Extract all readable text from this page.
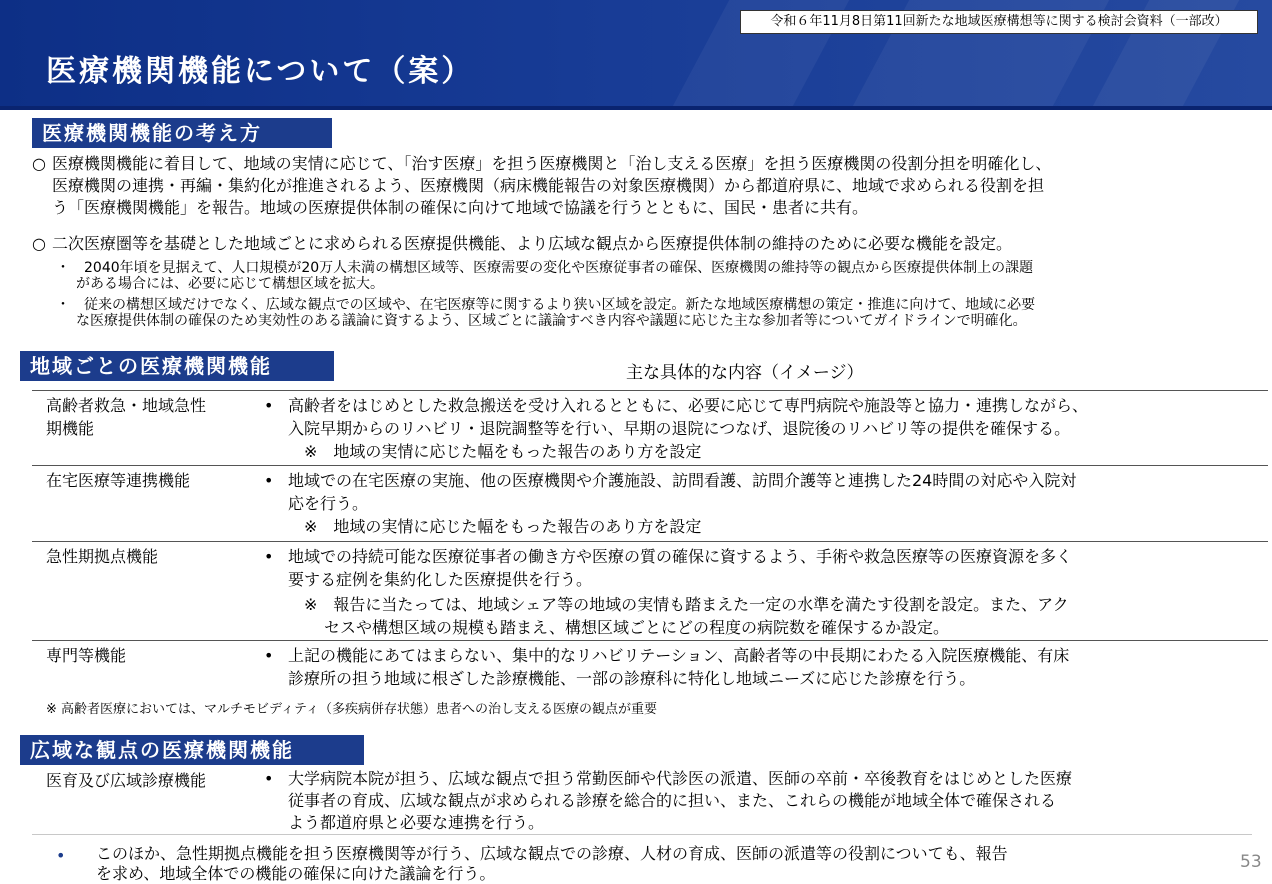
令和６年11月8日第11回新たな地域医療構想等に関する検討会資料（一部改）
医療機関機能について（案）
医療機関機能の考え方
○ 医療機関機能に着目して、地域の実情に応じて、「治す医療」を担う医療機関と「治し支える医療」を担う医療機関の役割分担を明確化し、
医療機関の連携・再編・集約化が推進されるよう、医療機関（病床機能報告の対象医療機関）から都道府県に、地域で求められる役割を担
う「医療機関機能」を報告。地域の医療提供体制の確保に向けて地域で協議を行うとともに、国民・患者に共有。
○ 二次医療圏等を基礎とした地域ごとに求められる医療提供機能、より広域な観点から医療提供体制の維持のために必要な機能を設定。
・ 2040年頃を見据えて、人口規模が20万人未満の構想区域等、医療需要の変化や医療従事者の確保、医療機関の維持等の観点から医療提供体制上の課題
がある場合には、必要に応じて構想区域を拡大。
・ 従来の構想区域だけでなく、広域な観点での区域や、在宅医療等に関するより狭い区域を設定。新たな地域医療構想の策定・推進に向けて、地域に必要
な医療提供体制の確保のため実効性のある議論に資するよう、区域ごとに議論すべき内容や議題に応じた主な参加者等についてガイドラインで明確化。
地域ごとの医療機関機能	主な具体的な内容（イメージ）
高齢者救急・地域急性
期機能
• 高齢者をはじめとした救急搬送を受け入れるとともに、必要に応じて専門病院や施設等と協力・連携しながら、
入院早期からのリハビリ・退院調整等を行い、早期の退院につなげ、退院後のリハビリ等の提供を確保する。
※　地域の実情に応じた幅をもった報告のあり方を設定
在宅医療等連携機能	• 地域での在宅医療の実施、他の医療機関や介護施設、訪問看護、訪問介護等と連携した24時間の対応や入院対
応を行う。
※　地域の実情に応じた幅をもった報告のあり方を設定
急性期拠点機能	• 地域での持続可能な医療従事者の働き方や医療の質の確保に資するよう、手術や救急医療等の医療資源を多く
要する症例を集約化した医療提供を行う。
※　報告に当たっては、地域シェア等の地域の実情も踏まえた一定の水準を満たす役割を設定。また、アク
セスや構想区域の規模も踏まえ、構想区域ごとにどの程度の病院数を確保するか設定。
専門等機能	• 上記の機能にあてはまらない、集中的なリハビリテーション、高齢者等の中長期にわたる入院医療機能、有床
診療所の担う地域に根ざした診療機能、一部の診療科に特化し地域ニーズに応じた診療を行う。
※ 高齢者医療においては、マルチモビディティ（多疾病併存状態）患者への治し支える医療の観点が重要
広域な観点の医療機関機能
医育及び広域診療機能	• 大学病院本院が担う、広域な観点で担う常勤医師や代診医の派遣、医師の卒前・卒後教育をはじめとした医療
従事者の育成、広域な観点が求められる診療を総合的に担い、また、これらの機能が地域全体で確保される
よう都道府県と必要な連携を行う。
• このほか、急性期拠点機能を担う医療機関等が行う、広域な観点での診療、人材の育成、医師の派遣等の役割についても、報告
を求め、地域全体での機能の確保に向けた議論を行う。
53
